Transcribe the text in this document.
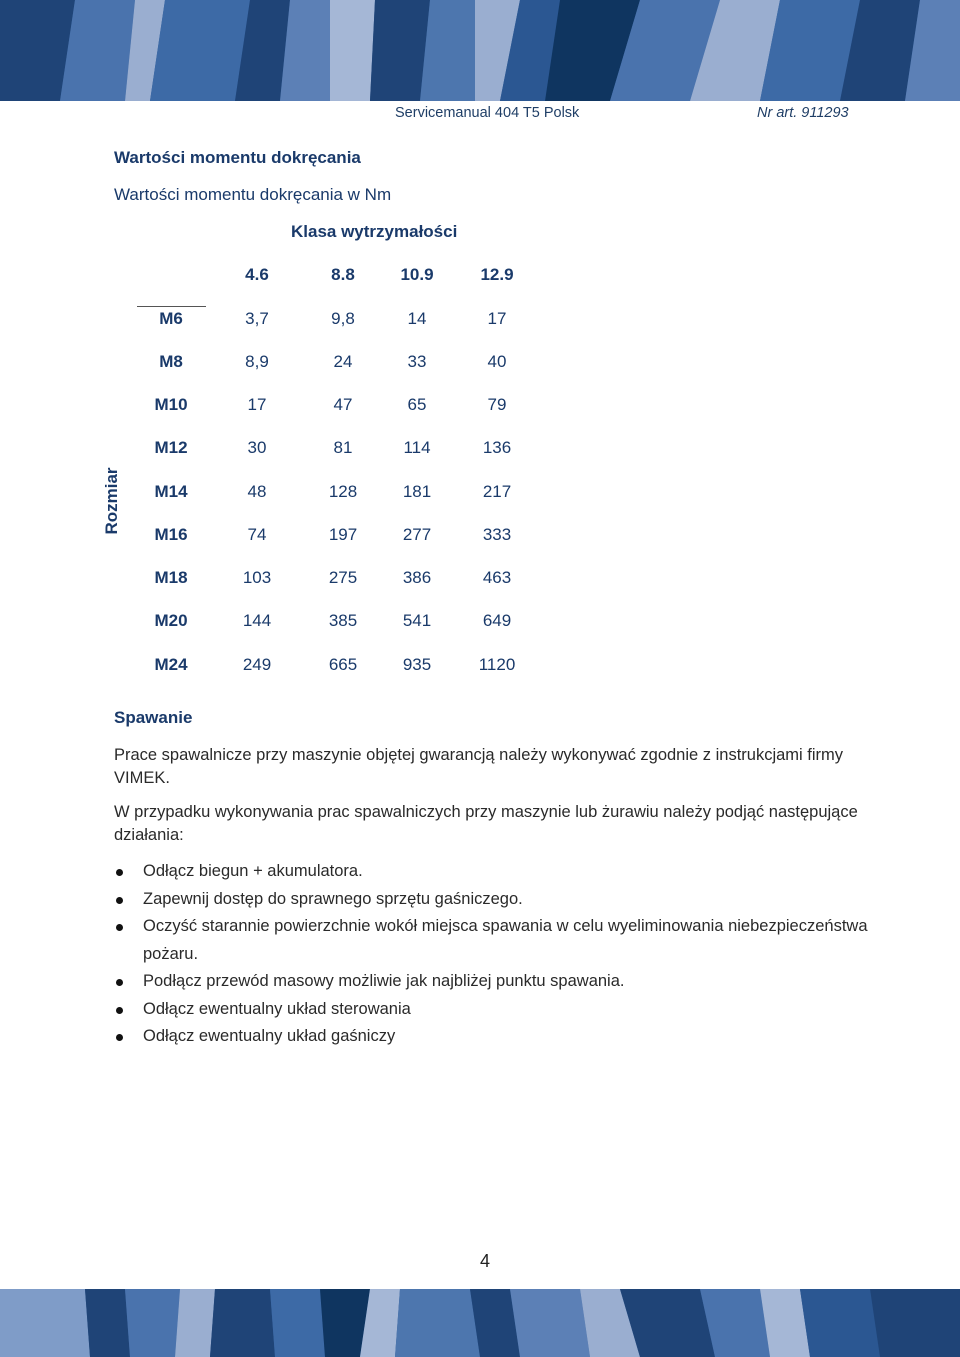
Servicemanual 404 T5 Polsk	Nr art. 911293
Wartości momentu dokręcania
Wartości momentu dokręcania w Nm
Klasa wytrzymałości
4.6	8.8	10.9	12.9
Rozmiar
M6	3,7	9,8	14	17
M8	8,9	24	33	40
M10	17	47	65	79
M12	30	81	114	136
M14	48	128	181	217
M16	74	197	277	333
M18	103	275	386	463
M20	144	385	541	649
M24	249	665	935	1120
Spawanie
Prace spawalnicze przy maszynie objętej gwarancją należy wykonywać zgodnie z instrukcjami firmy VIMEK.
W przypadku wykonywania prac spawalniczych przy maszynie lub żurawiu należy podjąć następujące działania:
Odłącz biegun + akumulatora.
Zapewnij dostęp do sprawnego sprzętu gaśniczego.
Oczyść starannie powierzchnie wokół miejsca spawania w celu wyeliminowania niebezpieczeństwa pożaru.
Podłącz przewód masowy możliwie jak najbliżej punktu spawania.
Odłącz ewentualny układ sterowania
Odłącz ewentualny układ gaśniczy
4
